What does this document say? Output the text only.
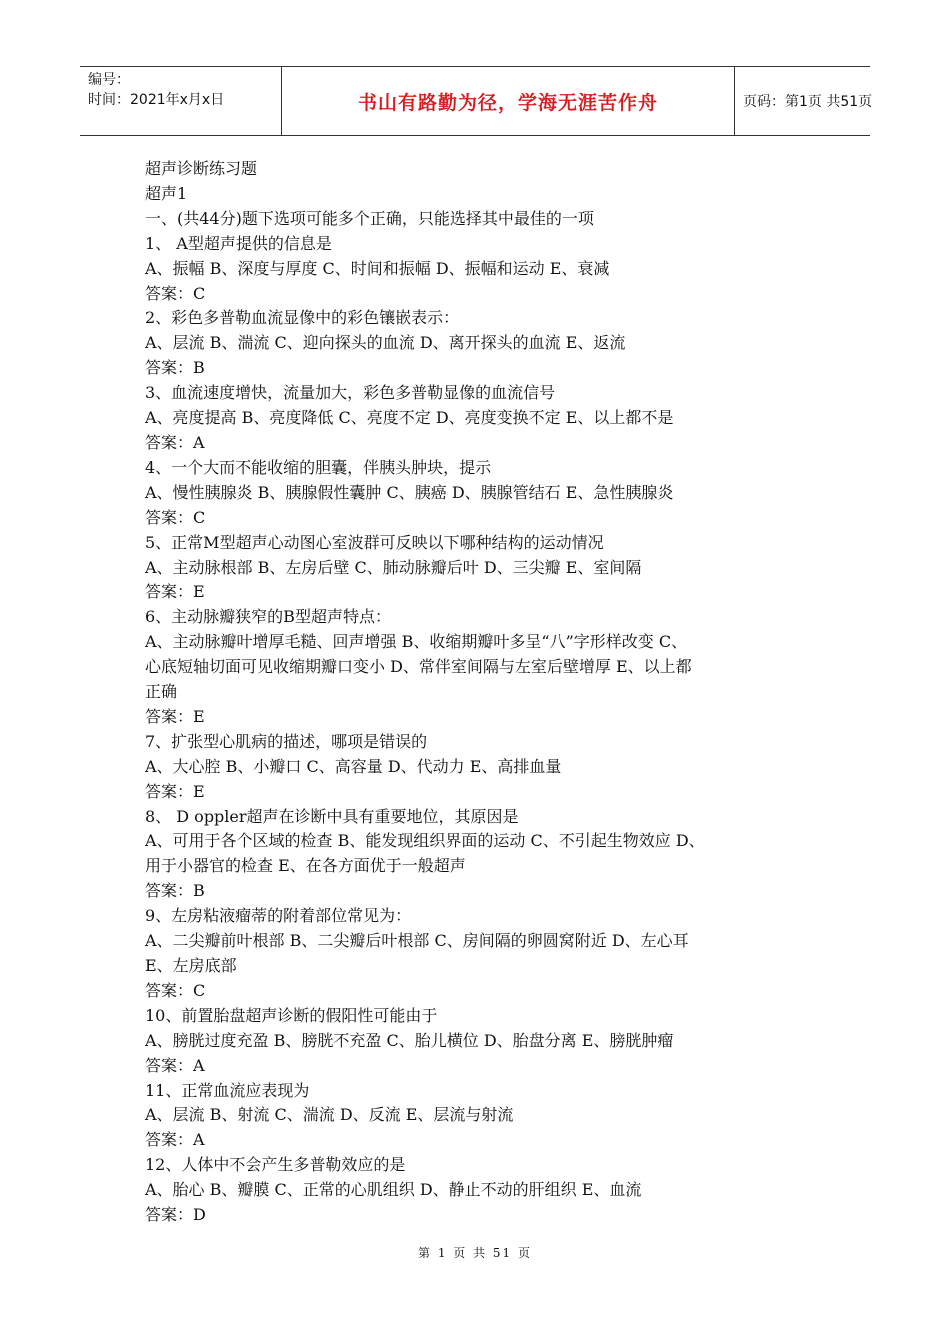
编号：
时间：2021年x月x日	书山有路勤为径，学海无涯苦作舟	页码：第1页 共51页
超声诊断练习题
超声1
一、(共44分)题下选项可能多个正确，只能选择其中最佳的一项
1、 A型超声提供的信息是
A、振幅 B、深度与厚度 C、时间和振幅 D、振幅和运动 E、衰减
答案：C
2、彩色多普勒血流显像中的彩色镶嵌表示：
A、层流 B、湍流 C、迎向探头的血流 D、离开探头的血流 E、返流
答案：B
3、血流速度增快，流量加大，彩色多普勒显像的血流信号
A、亮度提高 B、亮度降低 C、亮度不定 D、亮度变换不定 E、以上都不是
答案：A
4、一个大而不能收缩的胆囊，伴胰头肿块，提示
A、慢性胰腺炎 B、胰腺假性囊肿 C、胰癌 D、胰腺管结石 E、急性胰腺炎
答案：C
5、正常M型超声心动图心室波群可反映以下哪种结构的运动情况
A、主动脉根部 B、左房后壁 C、肺动脉瓣后叶 D、三尖瓣 E、室间隔
答案：E
6、主动脉瓣狭窄的B型超声特点：
A、主动脉瓣叶增厚毛糙、回声增强 B、收缩期瓣叶多呈“八”字形样改变 C、
心底短轴切面可见收缩期瓣口变小 D、常伴室间隔与左室后壁增厚 E、以上都
正确
答案：E
7、扩张型心肌病的描述，哪项是错误的
A、大心腔 B、小瓣口 C、高容量 D、代动力 E、高排血量
答案：E
8、 D oppler超声在诊断中具有重要地位，其原因是
A、可用于各个区域的检查 B、能发现组织界面的运动 C、不引起生物效应 D、
用于小器官的检查 E、在各方面优于一般超声
答案：B
9、左房粘液瘤蒂的附着部位常见为：
A、二尖瓣前叶根部 B、二尖瓣后叶根部 C、房间隔的卵圆窝附近 D、左心耳
E、左房底部
答案：C
10、前置胎盘超声诊断的假阳性可能由于
A、膀胱过度充盈 B、膀胱不充盈 C、胎儿横位 D、胎盘分离 E、膀胱肿瘤
答案：A
11、正常血流应表现为
A、层流 B、射流 C、湍流 D、反流 E、层流与射流
答案：A
12、人体中不会产生多普勒效应的是
A、胎心 B、瓣膜 C、正常的心肌组织 D、静止不动的肝组织 E、血流
答案：D
第 1 页 共 51 页
